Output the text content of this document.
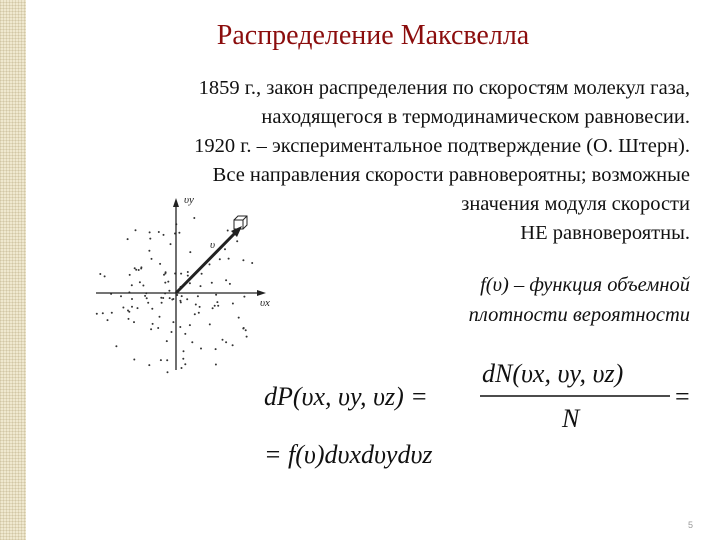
Распределение Максвелла
1859 г., закон распределения по скоростям молекул газа,
находящегося в термодинамическом равновесии.
1920 г. – экспериментальное подтверждение (О. Штерн).
Все направления скорости равновероятны; возможные
значения модуля скорости
НЕ равновероятны.
υy
υx
υ
f(υ) – функция объемной
плотности вероятности
dP(υx, υy, υz) =
dN(υx, υy, υz)
N
=
= f(υ)dυxdυydυz
5
